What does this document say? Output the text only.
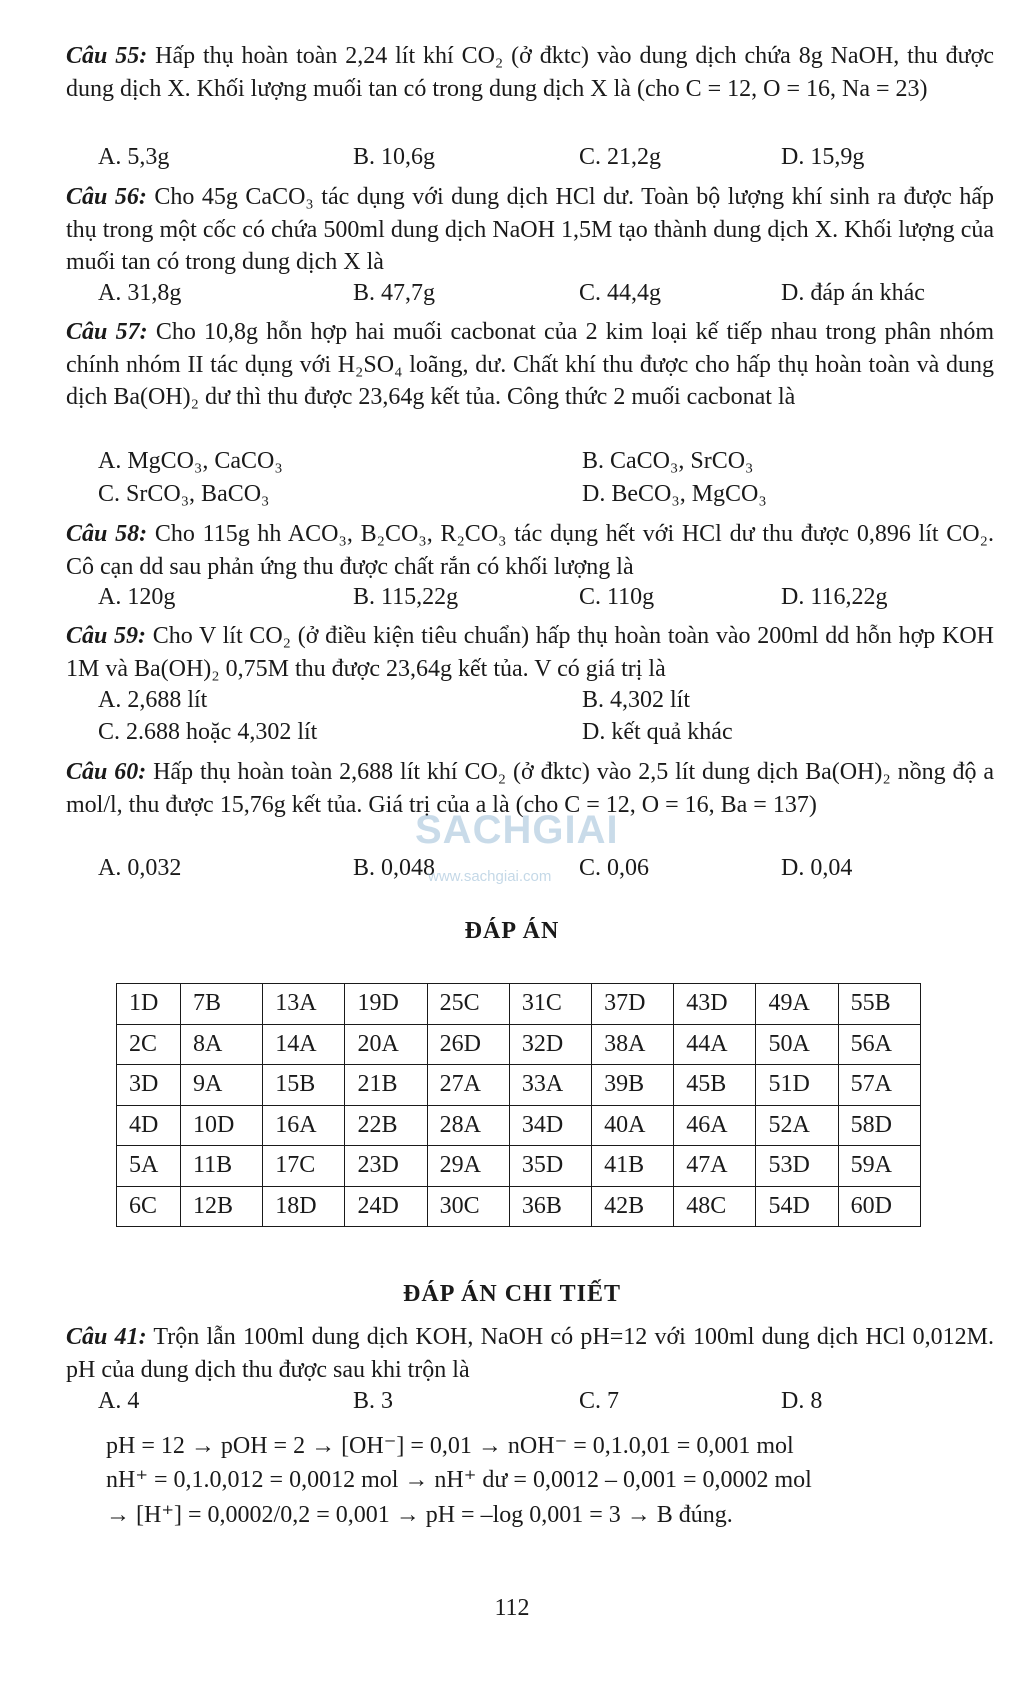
Câu 55: Hấp thụ hoàn toàn 2,24 lít khí CO₂ (ở đktc) vào dung dịch chứa 8g NaOH, thu được dung dịch X. Khối lượng muối tan có trong dung dịch X là (cho C = 12, O = 16, Na = 23)
A. 5,3g	B. 10,6g	C. 21,2g	D. 15,9g
Câu 56: Cho 45g CaCO₃ tác dụng với dung dịch HCl dư. Toàn bộ lượng khí sinh ra được hấp thụ trong một cốc có chứa 500ml dung dịch NaOH 1,5M tạo thành dung dịch X. Khối lượng của muối tan có trong dung dịch X là
A. 31,8g	B. 47,7g	C. 44,4g	D. đáp án khác
Câu 57: Cho 10,8g hỗn hợp hai muối cacbonat của 2 kim loại kế tiếp nhau trong phân nhóm chính nhóm II tác dụng với H₂SO₄ loãng, dư. Chất khí thu được cho hấp thụ hoàn toàn và dung dịch Ba(OH)₂ dư thì thu được 23,64g kết tủa. Công thức 2 muối cacbonat là
A. MgCO₃, CaCO₃	B. CaCO₃, SrCO₃
C. SrCO₃, BaCO₃	D. BeCO₃, MgCO₃
Câu 58: Cho 115g hh ACO₃, B₂CO₃, R₂CO₃ tác dụng hết với HCl dư thu được 0,896 lít CO₂. Cô cạn dd sau phản ứng thu được chất rắn có khối lượng là
A. 120g	B. 115,22g	C. 110g	D. 116,22g
Câu 59: Cho V lít CO₂ (ở điều kiện tiêu chuẩn) hấp thụ hoàn toàn vào 200ml dd hỗn hợp KOH 1M và Ba(OH)₂ 0,75M thu được 23,64g kết tủa. V có giá trị là
A. 2,688 lít	B. 4,302 lít
C. 2.688 hoặc 4,302 lít	D. kết quả khác
Câu 60: Hấp thụ hoàn toàn 2,688 lít khí CO₂ (ở đktc) vào 2,5 lít dung dịch Ba(OH)₂ nồng độ a mol/l, thu được 15,76g kết tủa. Giá trị của a là (cho C = 12, O = 16, Ba = 137)
A. 0,032	B. 0,048	C. 0,06	D. 0,04
SACHGIAI
www.sachgiai.com
ĐÁP ÁN
1D	7B	13A	19D	25C	31C	37D	43D	49A	55B
2C	8A	14A	20A	26D	32D	38A	44A	50A	56A
3D	9A	15B	21B	27A	33A	39B	45B	51D	57A
4D	10D	16A	22B	28A	34D	40A	46A	52A	58D
5A	11B	17C	23D	29A	35D	41B	47A	53D	59A
6C	12B	18D	24D	30C	36B	42B	48C	54D	60D
ĐÁP ÁN CHI TIẾT
Câu 41: Trộn lẫn 100ml dung dịch KOH, NaOH có pH=12 với 100ml dung dịch HCl 0,012M. pH của dung dịch thu được sau khi trộn là
A. 4	B. 3	C. 7	D. 8
pH = 12 → pOH = 2 → [OH⁻] = 0,01 → nOH⁻ = 0,1.0,01 = 0,001 mol
nH⁺ = 0,1.0,012 = 0,0012 mol → nH⁺ dư = 0,0012 – 0,001 = 0,0002 mol
→ [H⁺] = 0,0002/0,2 = 0,001 → pH = –log 0,001 = 3 → B đúng.
112
